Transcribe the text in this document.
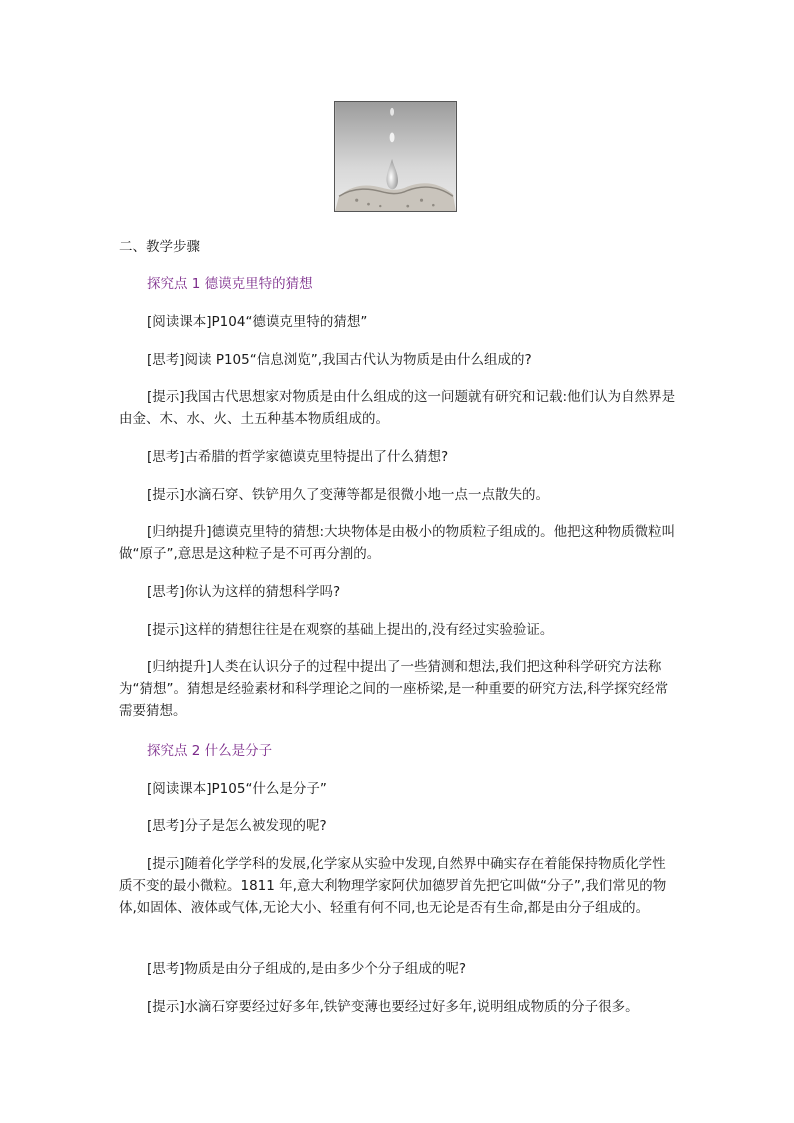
二、教学步骤

探究点 1 德谟克里特的猜想

[阅读课本]P104“德谟克里特的猜想”

[思考]阅读 P105“信息浏览”,我国古代认为物质是由什么组成的?

[提示]我国古代思想家对物质是由什么组成的这一问题就有研究和记载:他们认为自然界是由金、木、水、火、土五种基本物质组成的。

[思考]古希腊的哲学家德谟克里特提出了什么猜想?

[提示]水滴石穿、铁铲用久了变薄等都是很微小地一点一点散失的。

[归纳提升]德谟克里特的猜想:大块物体是由极小的物质粒子组成的。他把这种物质微粒叫做“原子”,意思是这种粒子是不可再分割的。

[思考]你认为这样的猜想科学吗?

[提示]这样的猜想往往是在观察的基础上提出的,没有经过实验验证。

[归纳提升]人类在认识分子的过程中提出了一些猜测和想法,我们把这种科学研究方法称为“猜想”。猜想是经验素材和科学理论之间的一座桥梁,是一种重要的研究方法,科学探究经常需要猜想。

探究点 2 什么是分子

[阅读课本]P105“什么是分子”

[思考]分子是怎么被发现的呢?

[提示]随着化学学科的发展,化学家从实验中发现,自然界中确实存在着能保持物质化学性质不变的最小微粒。1811 年,意大利物理学家阿伏加德罗首先把它叫做“分子”,我们常见的物体,如固体、液体或气体,无论大小、轻重有何不同,也无论是否有生命,都是由分子组成的。

[思考]物质是由分子组成的,是由多少个分子组成的呢?

[提示]水滴石穿要经过好多年,铁铲变薄也要经过好多年,说明组成物质的分子很多。
